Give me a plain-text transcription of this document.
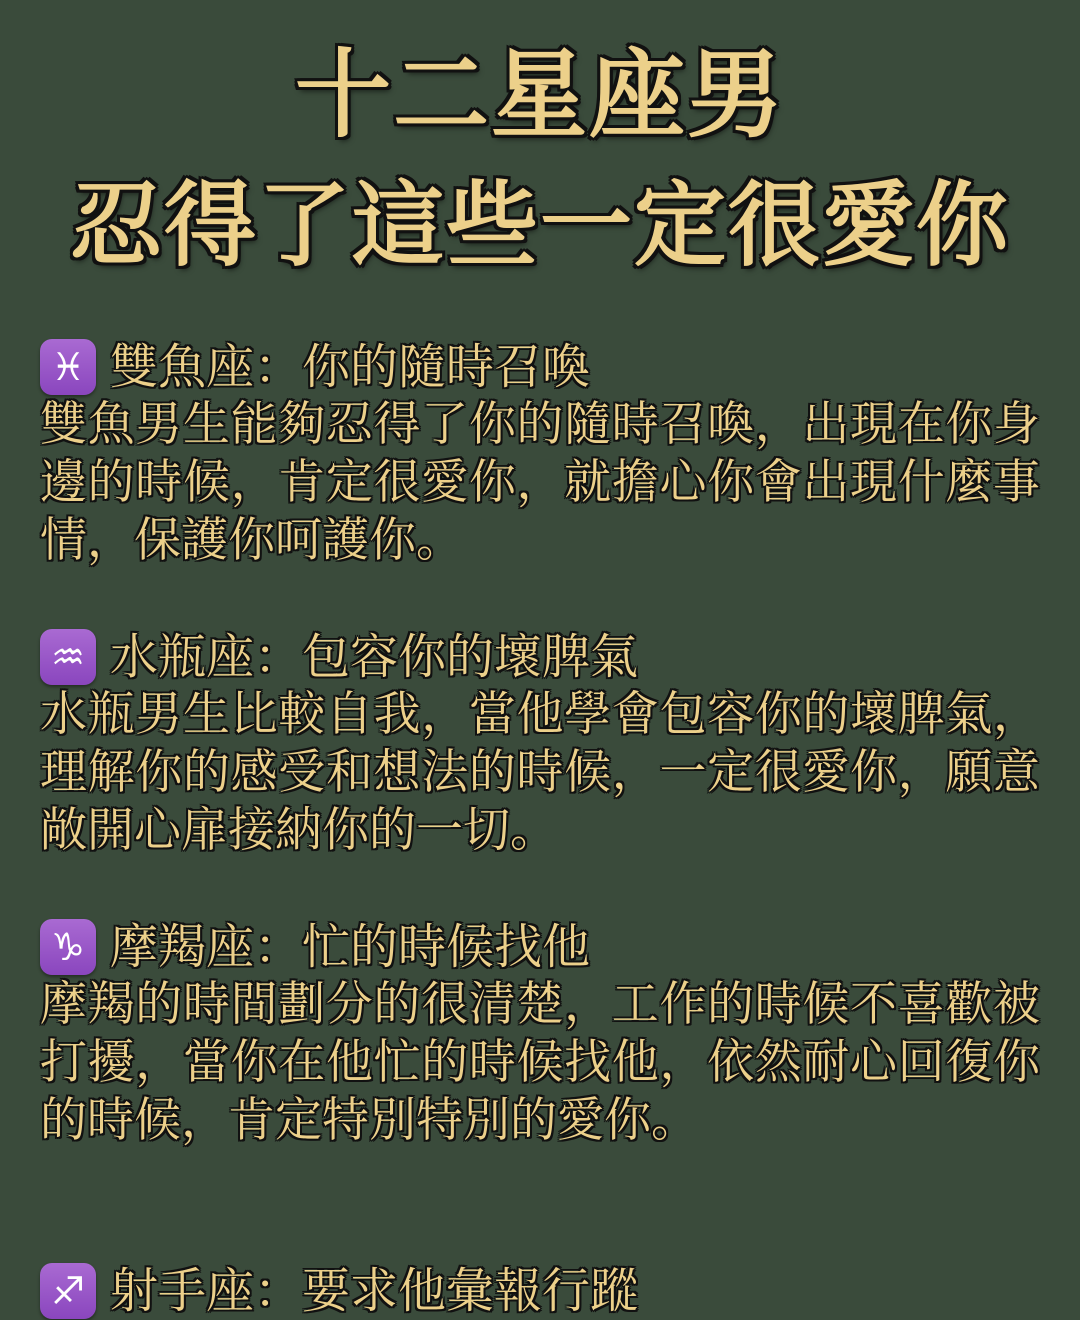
十二星座男
忍得了這些一定很愛你
♓ 雙魚座：你的隨時召喚

雙魚男生能夠忍得了你的隨時召喚，出現在你身邊的時候，肯定很愛你，就擔心你會出現什麼事情，保護你呵護你。

♒ 水瓶座：包容你的壞脾氣

水瓶男生比較自我，當他學會包容你的壞脾氣，理解你的感受和想法的時候，一定很愛你，願意敞開心扉接納你的一切。

♑ 摩羯座：忙的時候找他

摩羯的時間劃分的很清楚，工作的時候不喜歡被打擾，當你在他忙的時候找他，依然耐心回復你的時候，肯定特別特別的愛你。

♐ 射手座：要求他彙報行蹤
